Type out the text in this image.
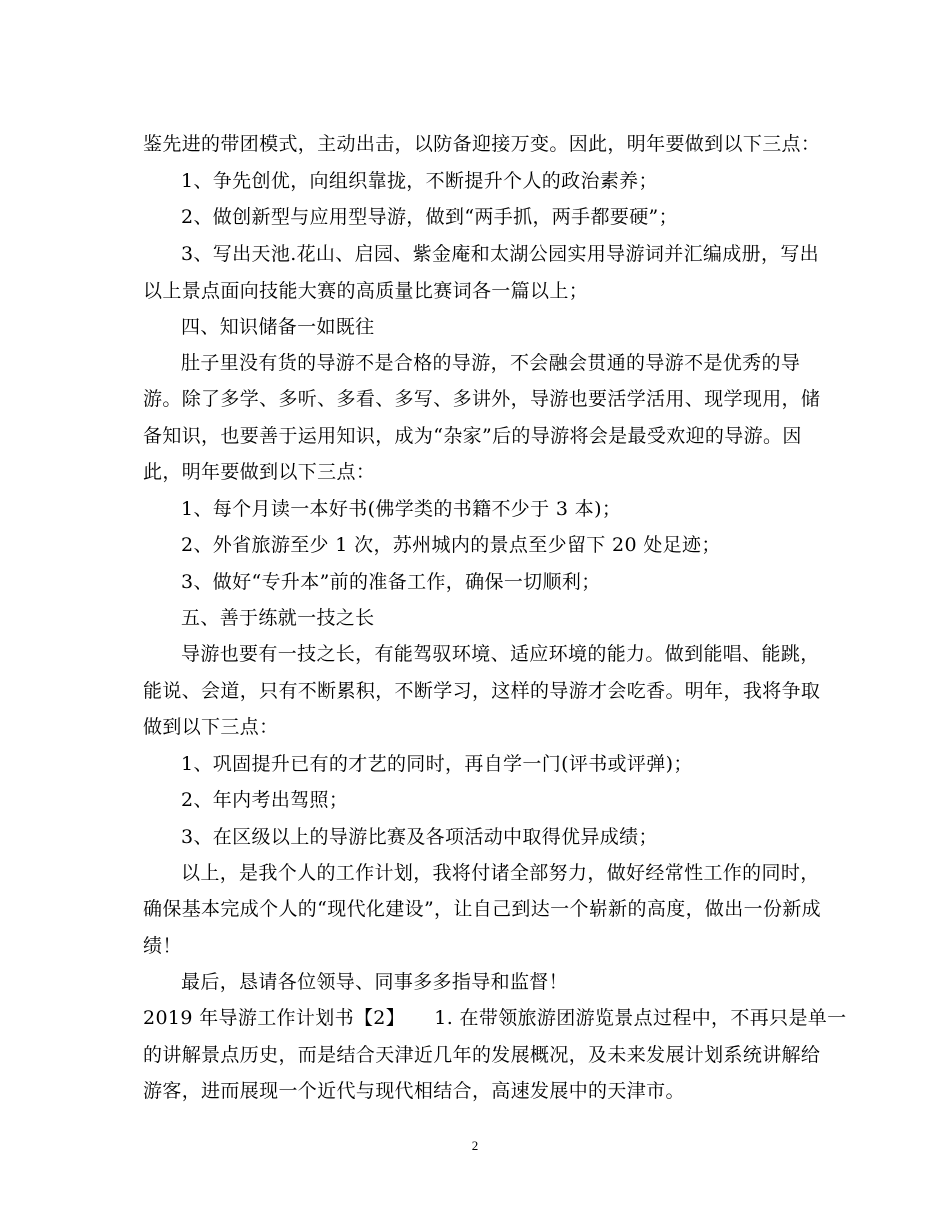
鉴先进的带团模式，主动出击，以防备迎接万变。因此，明年要做到以下三点：
1、争先创优，向组织靠拢，不断提升个人的政治素养；
2、做创新型与应用型导游，做到“两手抓，两手都要硬”；
3、写出天池.花山、启园、紫金庵和太湖公园实用导游词并汇编成册，写出
以上景点面向技能大赛的高质量比赛词各一篇以上；
四、知识储备一如既往
肚子里没有货的导游不是合格的导游，不会融会贯通的导游不是优秀的导
游。除了多学、多听、多看、多写、多讲外，导游也要活学活用、现学现用，储
备知识，也要善于运用知识，成为“杂家”后的导游将会是最受欢迎的导游。因
此，明年要做到以下三点：
1、每个月读一本好书(佛学类的书籍不少于 3 本)；
2、外省旅游至少 1 次，苏州城内的景点至少留下 20 处足迹；
3、做好“专升本”前的准备工作，确保一切顺利；
五、善于练就一技之长
导游也要有一技之长，有能驾驭环境、适应环境的能力。做到能唱、能跳，
能说、会道，只有不断累积，不断学习，这样的导游才会吃香。明年，我将争取
做到以下三点：
1、巩固提升已有的才艺的同时，再自学一门(评书或评弹)；
2、年内考出驾照；
3、在区级以上的导游比赛及各项活动中取得优异成绩；
以上，是我个人的工作计划，我将付诸全部努力，做好经常性工作的同时，
确保基本完成个人的“现代化建设”，让自己到达一个崭新的高度，做出一份新成
绩！
最后，恳请各位领导、同事多多指导和监督！
2019 年导游工作计划书【2】　　1. 在带领旅游团游览景点过程中，不再只是单一
的讲解景点历史，而是结合天津近几年的发展概况，及未来发展计划系统讲解给
游客，进而展现一个近代与现代相结合，高速发展中的天津市。
2
